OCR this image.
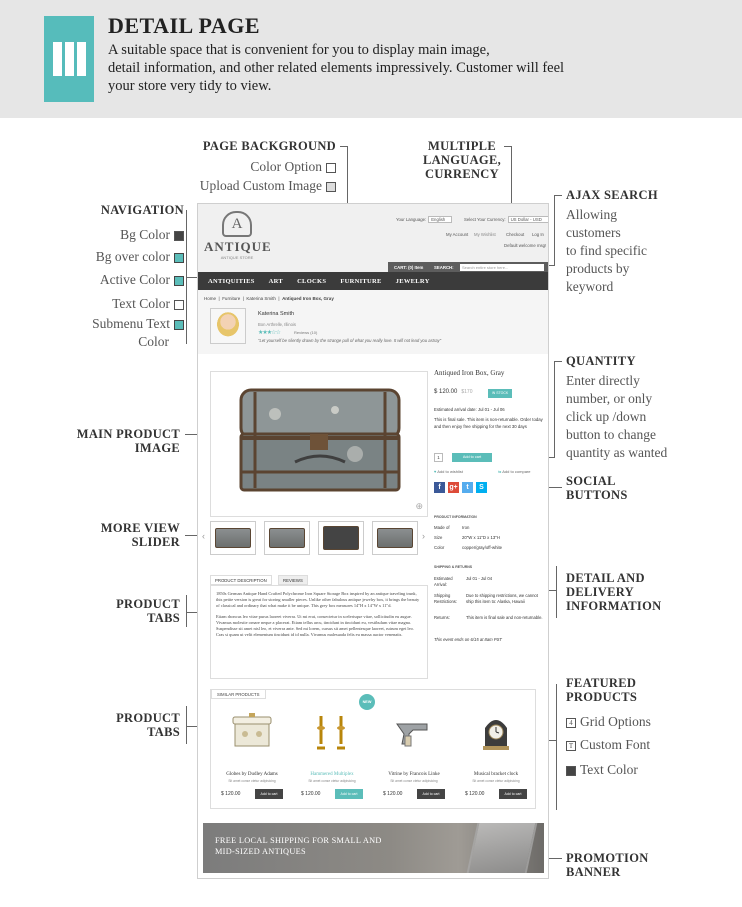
DETAIL PAGE
A suitable space that is convenient for you to display main image,
detail information, and other related elements impressively. Customer will feel
your store very tidy to view.
PAGE BACKGROUND
Color Option
Upload Custom Image
NAVIGATION
Bg Color
Bg over color
Active Color
Text Color
Submenu Text
Color
MULTIPLE
LANGUAGE,
CURRENCY
AJAX SEARCH
Allowing
customers
to find specific
products by
keyword
QUANTITY
Enter directly
number, or only
click up /down
button to change
quantity as wanted
SOCIAL
BUTTONS
MAIN PRODUCT
IMAGE
MORE VIEW
SLIDER
PRODUCT
TABS
PRODUCT
TABS
DETAIL AND
DELIVERY
INFORMATION
FEATURED
PRODUCTS
4 Grid Options
T Custom Font
Text Color
PROMOTION
BANNER
A
ANTIQUE
ANTIQUE STORE
Your Language: English	Select Your Currency: US Dollar - USD
My Account My Wishlist Checkout Log In
Default welcome msg!
CART: (0) Item SEARCH:	Search entire store here...
ANTIQUITIES ART CLOCKS FURNITURE JEWELRY
Home  |  Furniture  |  Katerina Smith  |  Antiqued Iron Box, Gray
Katerina Smith
Bon Arthrelle, Illinois
★★★☆☆	Reviews (10)
"Let yourself be silently drawn by the strange pull of what you really love. It will not lead you astray"
⊕
‹	›
Antiqued Iron Box, Gray
$ 120.00 $170	IN STOCK
Estimated arrival date: Jul 01 - Jul 06
This is final sale. This item is non-returnable. Order today and then enjoy free shipping for the next 30 days
1	Add to cart
♥ Add to wishlist	⇆ Add to compare
f	g+	t	S
PRODUCT INFORMATION
Made of	Iron
Size	20"W x 11"D x 13"H
Color	copper/gray/off-white
SHIPPING & RETURNS
Estimated Arrival:
Jul 01 - Jul 04
Shipping Restrictions:
Due to shipping restrictions, we cannot ship this item to: Alaska, Hawaii
Returns:	This item is final sale and non-returnable.
This event ends on 6/15 at 8am PST
PRODUCT DESCRIPTION	REVIEWS

1850s German Antique Hand Crafted Polychrome Iron Square Storage Box inspired by an antique traveling trunk, this petite version is great for storing smaller pieces. Unlike other fabulous antique jewelry box, it brings the beauty of classical and ordinary that what make it be unique. This grey box measures 14"H x 14"W x 11"d.

Etiam rhoncus leo vitae purus laoreet viverra. Ut mi erat, consectetur in scelerisque vitae, sollicitudin eu augue. Vivamus molestie ornare neque a placerat. Etiam tellus arcu, tincidunt in tincidunt eu, vestibulum vitae magna. Suspendisse sit amet nisl leo, et viverra ante. Sed mi lorem, cursus sit amet pellentesque laoreet, rutrum eget leo. Cras si quam ut velit elementum tincidunt id id nulla. Vivamus malesuada felis eu massa auctor venenatis.

SIMILAR PRODUCTS
Globes by Dudley Adams
Sit amet conse ctetur adipisicing
$ 120.00	Add to cart
NEW
Hammered Multiplex
Sit amet conse ctetur adipisicing
$ 120.00	Add to cart
Vitrine by Francois Linke
Sit amet conse ctetur adipisicing
$ 120.00	Add to cart
Musical bracket clock
Sit amet conse ctetur adipisicing
$ 120.00	Add to cart
FREE LOCAL SHIPPING FOR SMALL AND
MID-SIZED ANTIQUES
